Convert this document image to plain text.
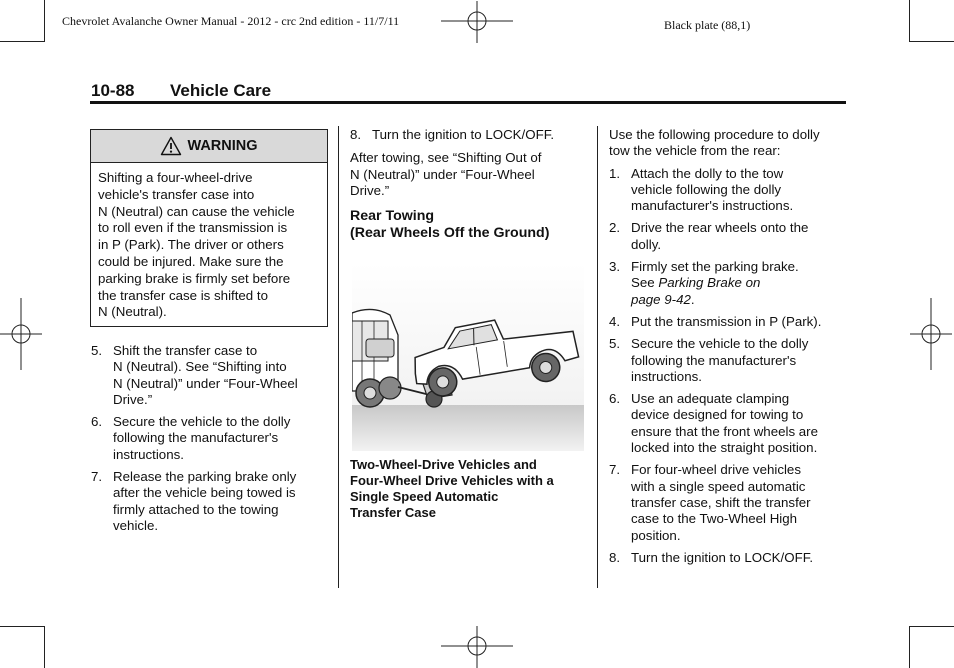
Chevrolet Avalanche Owner Manual - 2012 - crc 2nd edition - 11/7/11	Black plate (88,1)
10-88 Vehicle Care
WARNING
Shifting a four-wheel-drive
vehicle's transfer case into
N (Neutral) can cause the vehicle
to roll even if the transmission is
in P (Park). The driver or others
could be injured. Make sure the
parking brake is firmly set before
the transfer case is shifted to
N (Neutral).
5. Shift the transfer case to
N (Neutral). See “Shifting into
N (Neutral)” under “Four-Wheel
Drive.”
6. Secure the vehicle to the dolly
following the manufacturer's
instructions.
7. Release the parking brake only
after the vehicle being towed is
firmly attached to the towing
vehicle.
8. Turn the ignition to LOCK/OFF.
After towing, see “Shifting Out of
N (Neutral)” under “Four-Wheel
Drive.”
Rear Towing
(Rear Wheels Off the Ground)
Two-Wheel-Drive Vehicles and
Four-Wheel Drive Vehicles with a
Single Speed Automatic
Transfer Case
Use the following procedure to dolly
tow the vehicle from the rear:
1. Attach the dolly to the tow
vehicle following the dolly
manufacturer's instructions.
2. Drive the rear wheels onto the
dolly.
3. Firmly set the parking brake.
See Parking Brake on
page 9-42.
4. Put the transmission in P (Park).
5. Secure the vehicle to the dolly
following the manufacturer's
instructions.
6. Use an adequate clamping
device designed for towing to
ensure that the front wheels are
locked into the straight position.
7. For four-wheel drive vehicles
with a single speed automatic
transfer case, shift the transfer
case to the Two-Wheel High
position.
8. Turn the ignition to LOCK/OFF.
